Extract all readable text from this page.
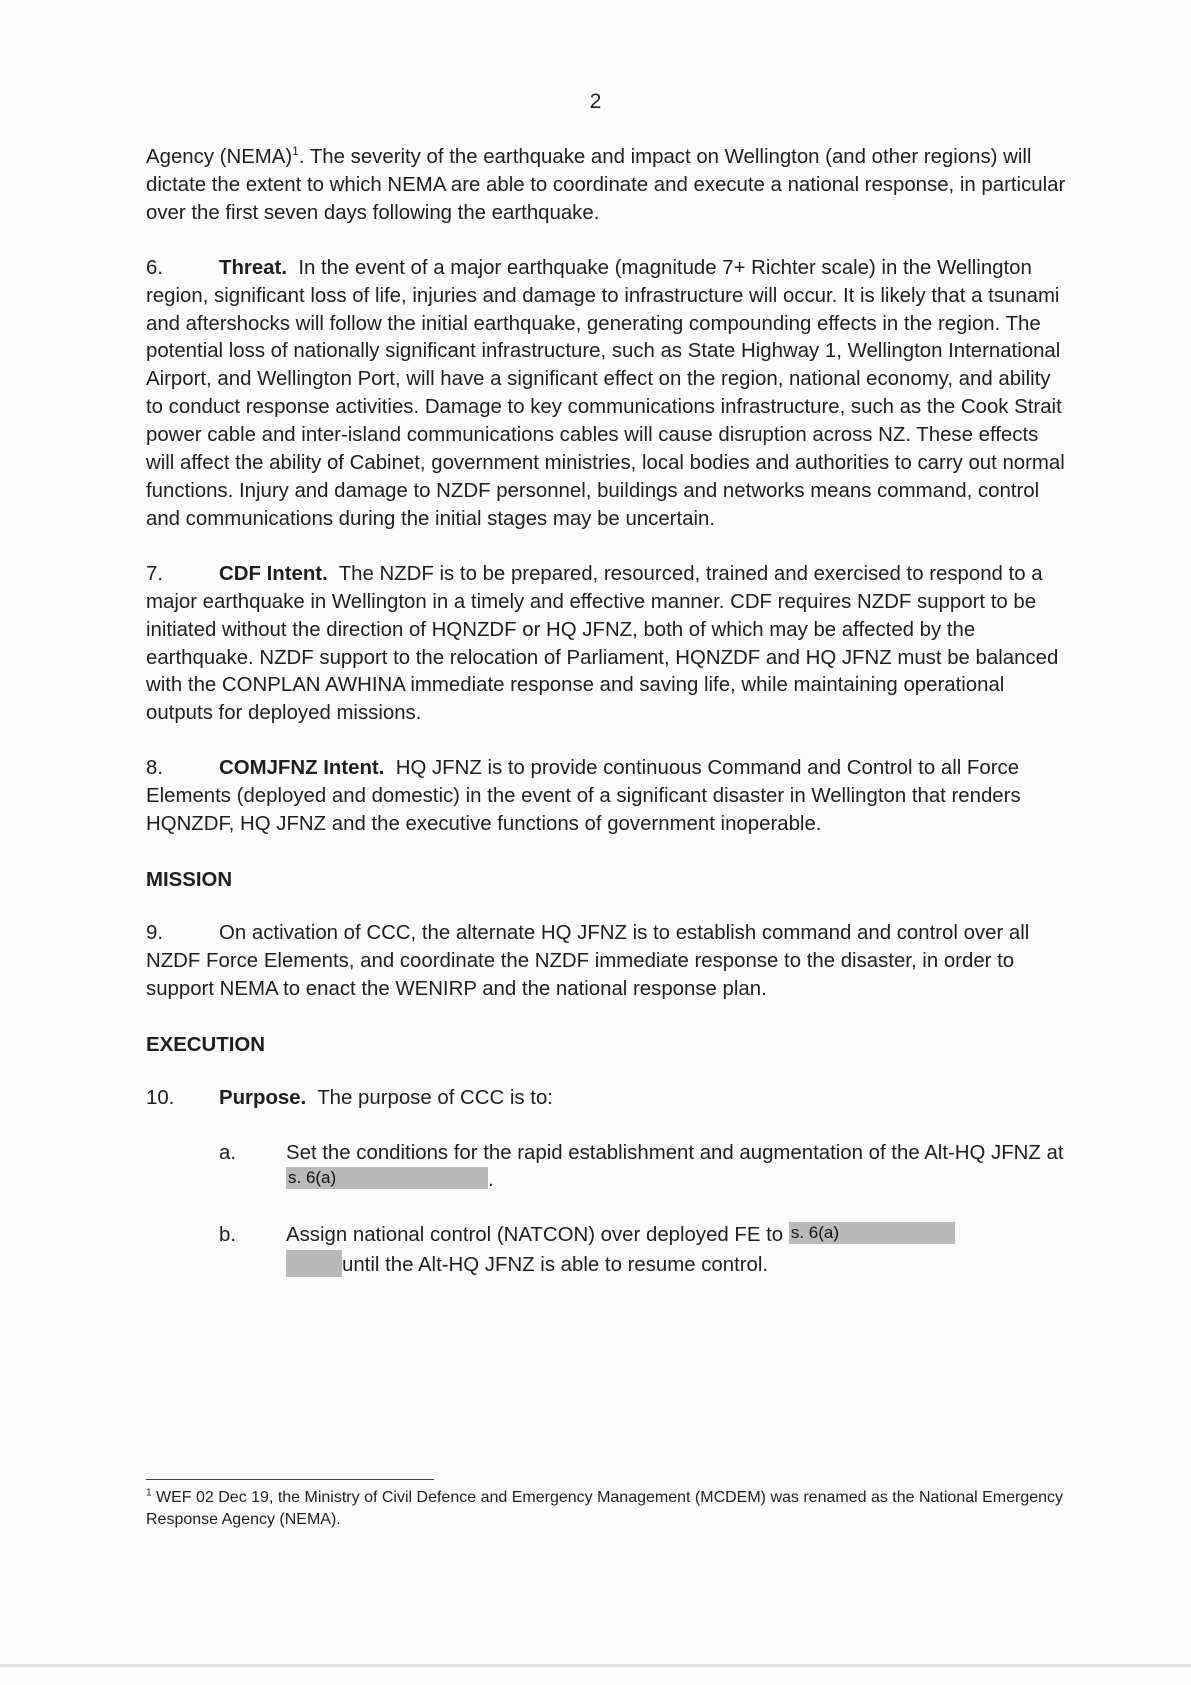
2

Agency (NEMA)$^1$. The severity of the earthquake and impact on Wellington (and other regions) will dictate the extent to which NEMA are able to coordinate and execute a national response, in particular over the first seven days following the earthquake.

6.	Threat. In the event of a major earthquake (magnitude 7+ Richter scale) in the Wellington region, significant loss of life, injuries and damage to infrastructure will occur. It is likely that a tsunami and aftershocks will follow the initial earthquake, generating compounding effects in the region. The potential loss of nationally significant infrastructure, such as State Highway 1, Wellington International Airport, and Wellington Port, will have a significant effect on the region, national economy, and ability to conduct response activities. Damage to key communications infrastructure, such as the Cook Strait power cable and inter-island communications cables will cause disruption across NZ. These effects will affect the ability of Cabinet, government ministries, local bodies and authorities to carry out normal functions. Injury and damage to NZDF personnel, buildings and networks means command, control and communications during the initial stages may be uncertain.

7.	CDF Intent. The NZDF is to be prepared, resourced, trained and exercised to respond to a major earthquake in Wellington in a timely and effective manner. CDF requires NZDF support to be initiated without the direction of HQNZDF or HQ JFNZ, both of which may be affected by the earthquake. NZDF support to the relocation of Parliament, HQNZDF and HQ JFNZ must be balanced with the CONPLAN AWHINA immediate response and saving life, while maintaining operational outputs for deployed missions.

8.	COMJFNZ Intent. HQ JFNZ is to provide continuous Command and Control to all Force Elements (deployed and domestic) in the event of a significant disaster in Wellington that renders HQNZDF, HQ JFNZ and the executive functions of government inoperable.

MISSION

9.	On activation of CCC, the alternate HQ JFNZ is to establish command and control over all NZDF Force Elements, and coordinate the NZDF immediate response to the disaster, in order to support NEMA to enact the WENIRP and the national response plan.

EXECUTION

10. Purpose. The purpose of CCC is to:

a.	Set the conditions for the rapid establishment and augmentation of the Alt-HQ JFNZ at s. 6(a)	.

b.	Assign national control (NATCON) over deployed FE to s. 6(a)
until the Alt-HQ JFNZ is able to resume control.

$^1$ WEF 02 Dec 19, the Ministry of Civil Defence and Emergency Management (MCDEM) was renamed as the National Emergency Response Agency (NEMA).
